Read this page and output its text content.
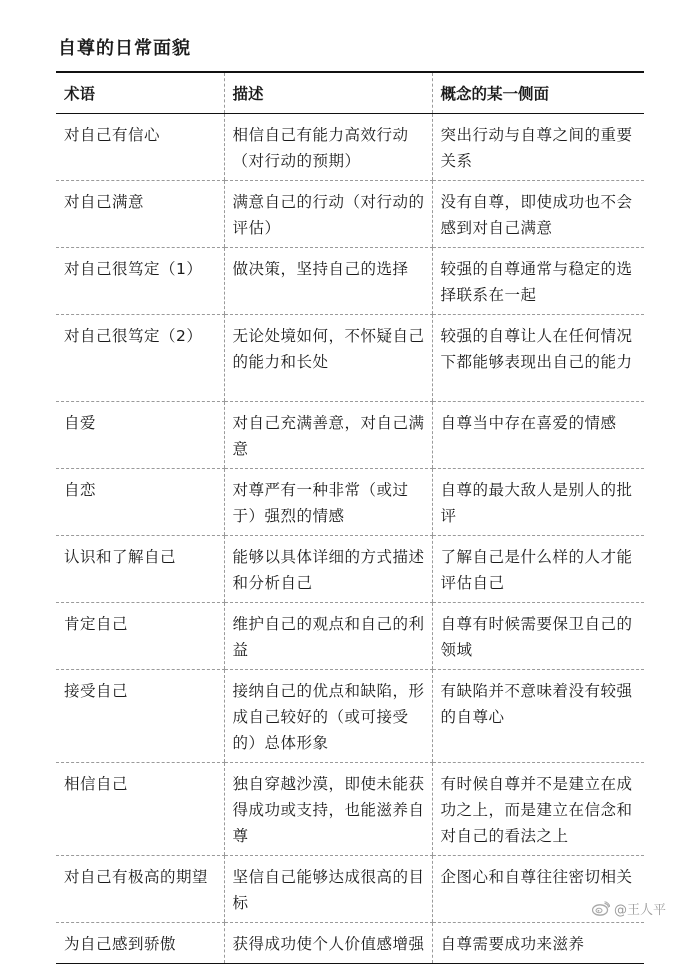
自尊的日常面貌
术语	描述	概念的某一侧面
对自己有信心	相信自己有能力高效行动（对行动的预期）	突出行动与自尊之间的重要关系
对自己满意	满意自己的行动（对行动的评估）	没有自尊，即使成功也不会感到对自己满意
对自己很笃定（1）	做决策，坚持自己的选择	较强的自尊通常与稳定的选择联系在一起
对自己很笃定（2）	无论处境如何，不怀疑自己的能力和长处	较强的自尊让人在任何情况下都能够表现出自己的能力
自爱	对自己充满善意，对自己满意	自尊当中存在喜爱的情感
自恋	对尊严有一种非常（或过于）强烈的情感	自尊的最大敌人是别人的批评
认识和了解自己	能够以具体详细的方式描述和分析自己	了解自己是什么样的人才能评估自己
肯定自己	维护自己的观点和自己的利益	自尊有时候需要保卫自己的领域
接受自己	接纳自己的优点和缺陷，形成自己较好的（或可接受的）总体形象	有缺陷并不意味着没有较强的自尊心
相信自己	独自穿越沙漠，即使未能获得成功或支持，也能滋养自尊	有时候自尊并不是建立在成功之上，而是建立在信念和对自己的看法之上
对自己有极高的期望	坚信自己能够达成很高的目标	企图心和自尊往往密切相关
为自己感到骄傲	获得成功使个人价值感增强	自尊需要成功来滋养
@王人平
